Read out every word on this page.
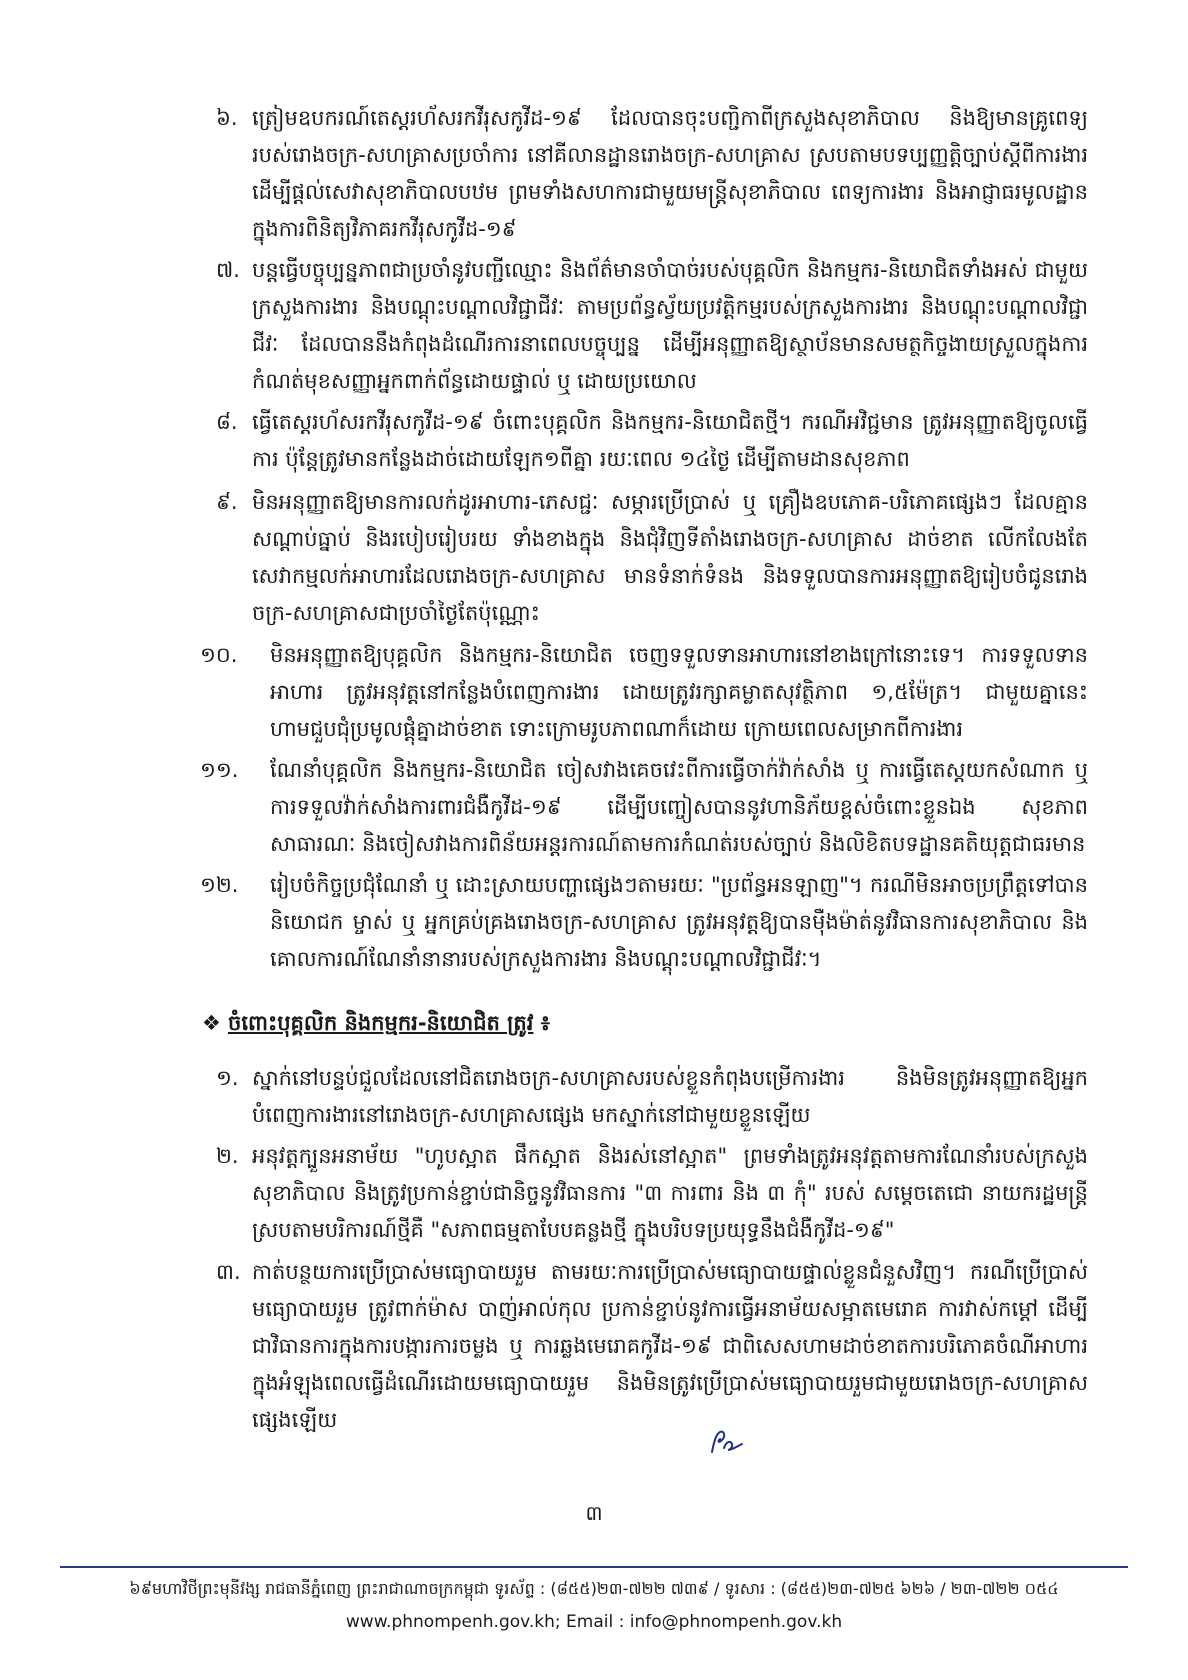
៦. ត្រៀមឧបករណ៍តេស្តរហ័សរកវីរុសកូវីដ-១៩ ដែលបានចុះបញ្ជិកាពីក្រសួងសុខាភិបាល និងឱ្យមានគ្រូពេទ្យរបស់រោងចក្រ-សហគ្រាសប្រចាំការ នៅគីលានដ្ឋានរោងចក្រ-សហគ្រាស ស្របតាមបទប្បញ្ញត្តិច្បាប់ស្ដីពីការងារ ដើម្បីផ្ដល់សេវាសុខាភិបាលបឋម ព្រមទាំងសហការជាមួយមន្ត្រីសុខាភិបាល ពេទ្យការងារ និងអាជ្ញាធរមូលដ្ឋាន ក្នុងការពិនិត្យវិភាគរកវីរុសកូវីដ-១៩
៧. បន្តធ្វើបច្ចុប្បន្នភាពជាប្រចាំនូវបញ្ជីឈ្មោះ និងព័ត៌មានចាំបាច់របស់បុគ្គលិក និងកម្មករ-និយោជិតទាំងអស់ ជាមួយក្រសួងការងារ និងបណ្ដុះបណ្ដាលវិជ្ជាជីវៈ តាមប្រព័ន្ធស្វ័យប្រវត្តិកម្មរបស់ក្រសួងការងារ និងបណ្ដុះបណ្ដាលវិជ្ជាជីវៈ ដែលបាននឹងកំពុងដំណើរការនាពេលបច្ចុប្បន្ន ដើម្បីអនុញ្ញាតឱ្យស្ថាប័នមានសមត្ថកិច្ចងាយស្រួលក្នុងការកំណត់មុខសញ្ញាអ្នកពាក់ព័ន្ធដោយផ្ទាល់ ឬ ដោយប្រយោល
៨. ធ្វើតេស្តរហ័សរកវីរុសកូវីដ-១៩ ចំពោះបុគ្គលិក និងកម្មករ-និយោជិតថ្មី។ ករណីអវិជ្ជមាន ត្រូវអនុញ្ញាតឱ្យចូលធ្វើការ ប៉ុន្តែត្រូវមានកន្លែងដាច់ដោយឡែក១ពីគ្នា រយៈពេល ១៤ថ្ងៃ ដើម្បីតាមដានសុខភាព
៩. មិនអនុញ្ញាតឱ្យមានការលក់ដូរអាហារ-ភេសជ្ជៈ សម្ភារប្រើប្រាស់ ឬ គ្រឿងឧបភោគ-បរិភោគផ្សេងៗ ដែលគ្មានសណ្ដាប់ធ្នាប់ និងរបៀបរៀបរយ ទាំងខាងក្នុង និងជុំវិញទីតាំងរោងចក្រ-សហគ្រាស ដាច់ខាត លើកលែងតែសេវាកម្មលក់អាហារដែលរោងចក្រ-សហគ្រាស មានទំនាក់ទំនង និងទទួលបានការអនុញ្ញាតឱ្យរៀបចំជូនរោងចក្រ-សហគ្រាសជាប្រចាំថ្ងៃតែប៉ុណ្ណោះ
១០.	មិនអនុញ្ញាតឱ្យបុគ្គលិក និងកម្មករ-និយោជិត ចេញទទួលទានអាហារនៅខាងក្រៅនោះទេ។ ការទទួលទានអាហារ ត្រូវអនុវត្តនៅកន្លែងបំពេញការងារ ដោយត្រូវរក្សាគម្លាតសុវត្ថិភាព ១,៥ម៉ែត្រ។ ជាមួយគ្នានេះ ហាមជួបជុំប្រមូលផ្ដុំគ្នាដាច់ខាត ទោះក្រោមរូបភាពណាក៏ដោយ ក្រោយពេលសម្រាកពីការងារ
១១.	ណែនាំបុគ្គលិក និងកម្មករ-និយោជិត ចៀសវាងគេចវេះពីការធ្វើចាក់វ៉ាក់សាំង ឬ ការធ្វើតេស្តយកសំណាក ឬ ការទទួលវ៉ាក់សាំងការពារជំងឺកូវីដ-១៩ ដើម្បីបញ្ចៀសបាននូវហានិភ័យខ្ពស់ចំពោះខ្លួនឯង សុខភាពសាធារណៈ និងចៀសវាងការពិន័យអន្តរការណ៍តាមការកំណត់របស់ច្បាប់ និងលិខិតបទដ្ឋានគតិយុត្តជាធរមាន
១២.	រៀបចំកិច្ចប្រជុំណែនាំ ឬ ដោះស្រាយបញ្ហាផ្សេងៗតាមរយៈ "ប្រព័ន្ធអនឡាញ"។ ករណីមិនអាចប្រព្រឹត្តទៅបាន និយោជក ម្ចាស់ ឬ អ្នកគ្រប់គ្រងរោងចក្រ-សហគ្រាស ត្រូវអនុវត្តឱ្យបានម៉ឺងម៉ាត់នូវវិធានការសុខាភិបាល និងគោលការណ៍ណែនាំនានារបស់ក្រសួងការងារ និងបណ្ដុះបណ្ដាលវិជ្ជាជីវៈ។
❖ ចំពោះបុគ្គលិក និងកម្មករ-និយោជិត ត្រូវ ៖
១. ស្នាក់នៅបន្ទប់ជួលដែលនៅជិតរោងចក្រ-សហគ្រាសរបស់ខ្លួនកំពុងបម្រើការងារ និងមិនត្រូវអនុញ្ញាតឱ្យអ្នកបំពេញការងារនៅរោងចក្រ-សហគ្រាសផ្សេង មកស្នាក់នៅជាមួយខ្លួនឡើយ
២. អនុវត្តក្បួនអនាម័យ "ហូបស្អាត ផឹកស្អាត និងរស់នៅស្អាត" ព្រមទាំងត្រូវអនុវត្តតាមការណែនាំរបស់ក្រសួងសុខាភិបាល និងត្រូវប្រកាន់ខ្ជាប់ជានិច្ចនូវវិធានការ "៣ ការពារ និង ៣ កុំ" របស់ សម្ដេចតេជោ នាយករដ្ឋមន្ត្រី ស្របតាមបរិការណ៍ថ្មីគឺ "សភាពធម្មតាបែបគន្លងថ្មី ក្នុងបរិបទប្រយុទ្ធនឹងជំងឺកូវីដ-១៩"
៣. កាត់បន្ថយការប្រើប្រាស់មធ្យោបាយរួម តាមរយៈការប្រើប្រាស់មធ្យោបាយផ្ទាល់ខ្លួនជំនួសវិញ។ ករណីប្រើប្រាស់មធ្យោបាយរួម ត្រូវពាក់ម៉ាស បាញ់អាល់កុល ប្រកាន់ខ្ជាប់នូវការធ្វើអនាម័យសម្អាតមេរោគ ការវាស់កម្ដៅ ដើម្បីជាវិធានការក្នុងការបង្ការការចម្លង ឬ ការឆ្លងមេរោគកូវីដ-១៩ ជាពិសេសហាមដាច់ខាតការបរិភោគចំណីអាហារក្នុងអំឡុងពេលធ្វើដំណើរដោយមធ្យោបាយរួម និងមិនត្រូវប្រើប្រាស់មធ្យោបាយរួមជាមួយរោងចក្រ-សហគ្រាសផ្សេងឡើយ
៣
៦៩មហាវិថីព្រះមុនីវង្ស រាជធានីភ្នំពេញ ព្រះរាជាណាចក្រកម្ពុជា ទូរស័ព្ទ : (៨៥៥)២៣-៧២២ ៧៣៩ / ទូរសារ : (៨៥៥)២៣-៧២៥ ៦២៦ / ២៣-៧២២ ០៥៤
www.phnompenh.gov.kh; Email : info@phnompenh.gov.kh
